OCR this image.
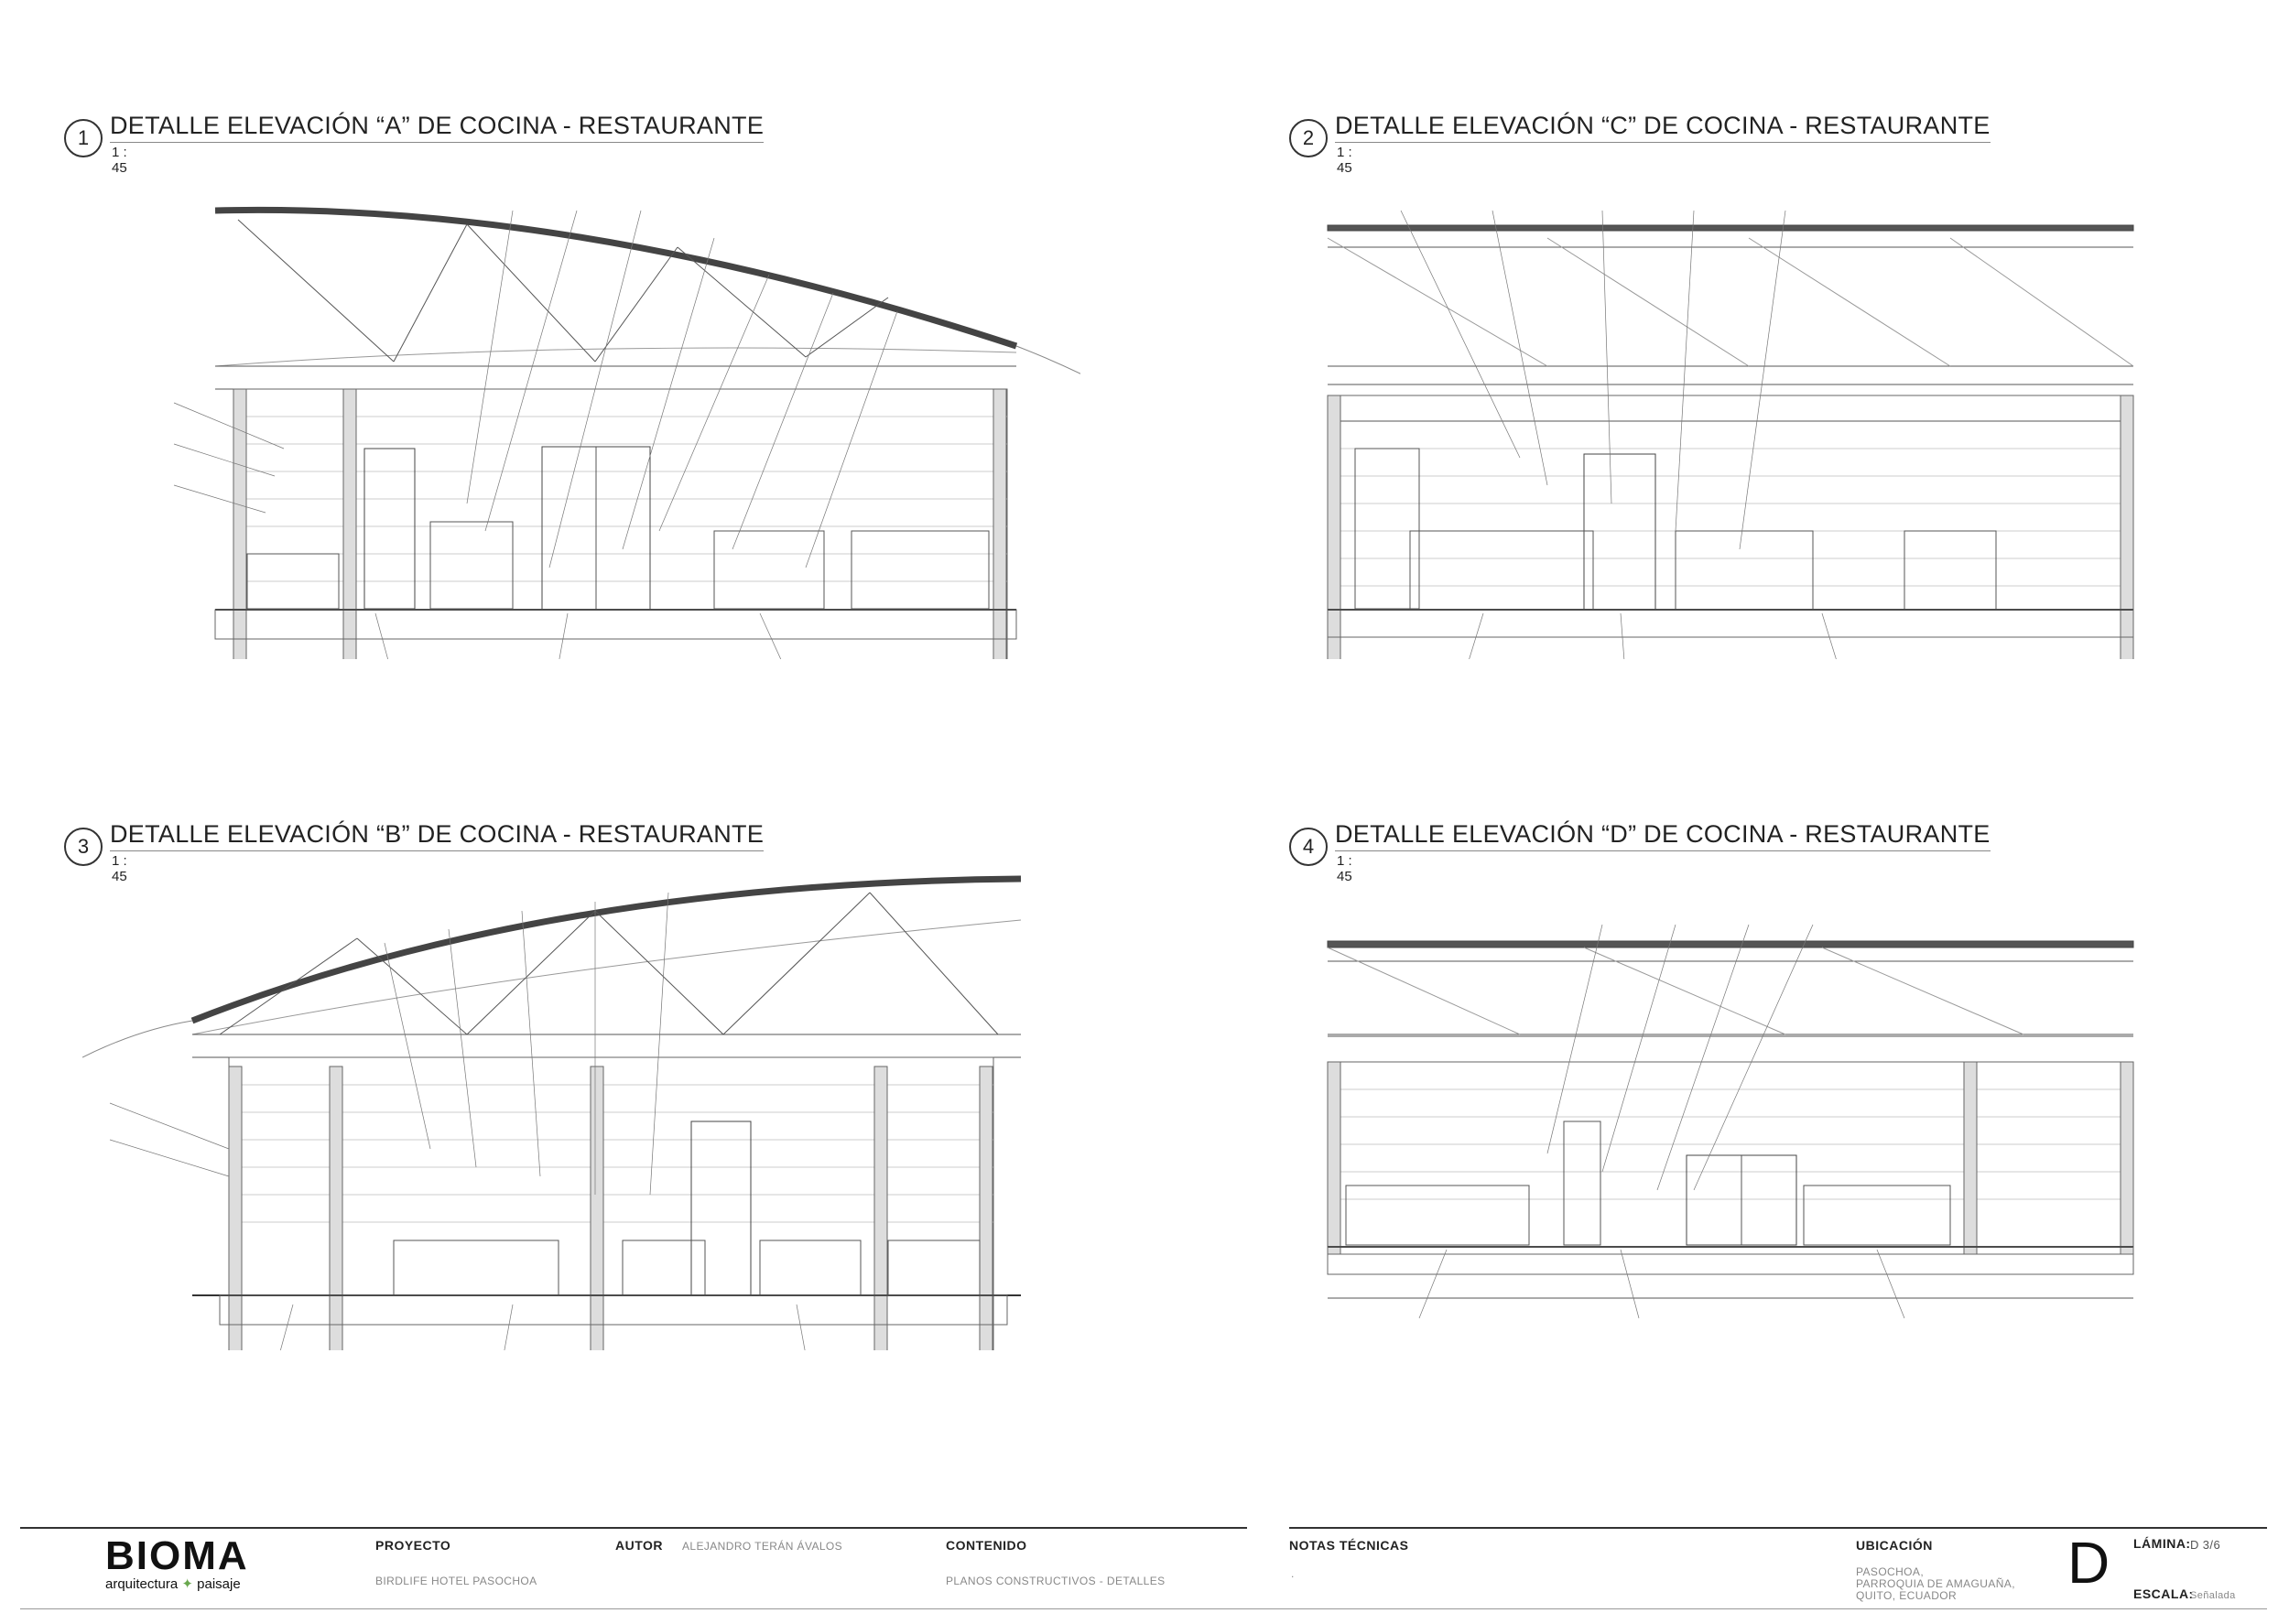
1 DETALLE ELEVACIÓN “A” DE COCINA - RESTAURANTE
1 : 45
2 DETALLE ELEVACIÓN “C” DE COCINA - RESTAURANTE
1 : 45
3 DETALLE ELEVACIÓN “B” DE COCINA - RESTAURANTE
1 : 45
4 DETALLE ELEVACIÓN “D” DE COCINA - RESTAURANTE
1 : 45
BIOMA
arquitectura ✦ paisaje
PROYECTO
BIRDLIFE HOTEL PASOCHOA
AUTOR ALEJANDRO TERÁN ÁVALOS	CONTENIDO
PLANOS CONSTRUCTIVOS - DETALLES
NOTAS TÉCNICAS
.
UBICACIÓN
PASOCHOA,
PARROQUIA DE AMAGUAÑA,
QUITO, ECUADOR D LÁMINA: D 3/6
ESCALA:
Señalada
